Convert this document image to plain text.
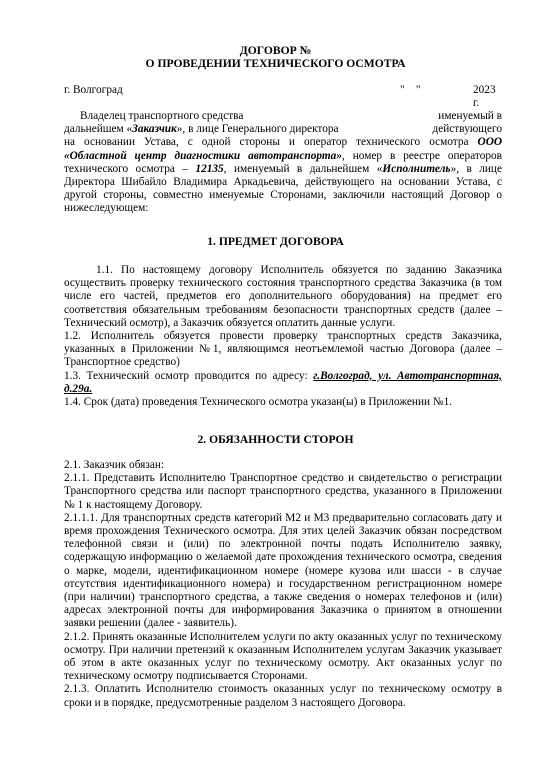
ДОГОВОР №
О ПРОВЕДЕНИИ ТЕХНИЧЕСКОГО ОСМОТРА
г. Волгоград	"    "	2023 г.

Владелец транспортного средства	именуемый в

дальнейшем «Заказчик», в лице Генерального директора	действующего

на основании Устава, с одной стороны и оператор технического осмотра ООО «Областной центр диагностики автотранспорта», номер в реестре операторов технического осмотра – 12135, именуемый в дальнейшем «Исполнитель», в лице Директора Шибайло Владимира Аркадьевича, действующего на основании Устава, с другой стороны, совместно именуемые Сторонами, заключили настоящий Договор о нижеследующем:

1. ПРЕДМЕТ ДОГОВОРА

1.1. По настоящему договору Исполнитель обязуется по заданию Заказчика осуществить проверку технического состояния транспортного средства Заказчика (в том числе его частей, предметов его дополнительного оборудования) на предмет его соответствия обязательным требованиям безопасности транспортных средств (далее – Технический осмотр), а Заказчик обязуется оплатить данные услуги.

1.2. Исполнитель обязуется провести проверку транспортных средств Заказчика, указанных в Приложении №1, являющимся неотъемлемой частью Договора (далее – Транспортное средство)

1.3. Технический осмотр проводится по адресу: г.Волгоград, ул. Автотранспортная, д.29а.

1.4. Срок (дата) проведения Технического осмотра указан(ы) в Приложении №1.

2. ОБЯЗАННОСТИ СТОРОН

2.1. Заказчик обязан:

2.1.1. Представить Исполнителю Транспортное средство и свидетельство о регистрации Транспортного средства или паспорт транспортного средства, указанного в Приложении № 1 к настоящему Договору.

2.1.1.1. Для транспортных средств категорий М2 и М3 предварительно согласовать дату и время прохождения Технического осмотра. Для этих целей Заказчик обязан посредством телефонной связи и (или) по электронной почты подать Исполнителю заявку, содержащую информацию о желаемой дате прохождения технического осмотра, сведения о марке, модели, идентификационном номере (номере кузова или шасси - в случае отсутствия идентификационного номера) и государственном регистрационном номере (при наличии) транспортного средства, а также сведения о номерах телефонов и (или) адресах электронной почты для информирования Заказчика о принятом в отношении заявки решении (далее - заявитель).

2.1.2. Принять оказанные Исполнителем услуги по акту оказанных услуг по техническому осмотру. При наличии претензий к оказанным Исполнителем услугам Заказчик указывает об этом в акте оказанных услуг по техническому осмотру. Акт оказанных услуг по техническому осмотру подписывается Сторонами.

2.1.3. Оплатить Исполнителю стоимость оказанных услуг по техническому осмотру в сроки и в порядке, предусмотренные разделом 3 настоящего Договора.
